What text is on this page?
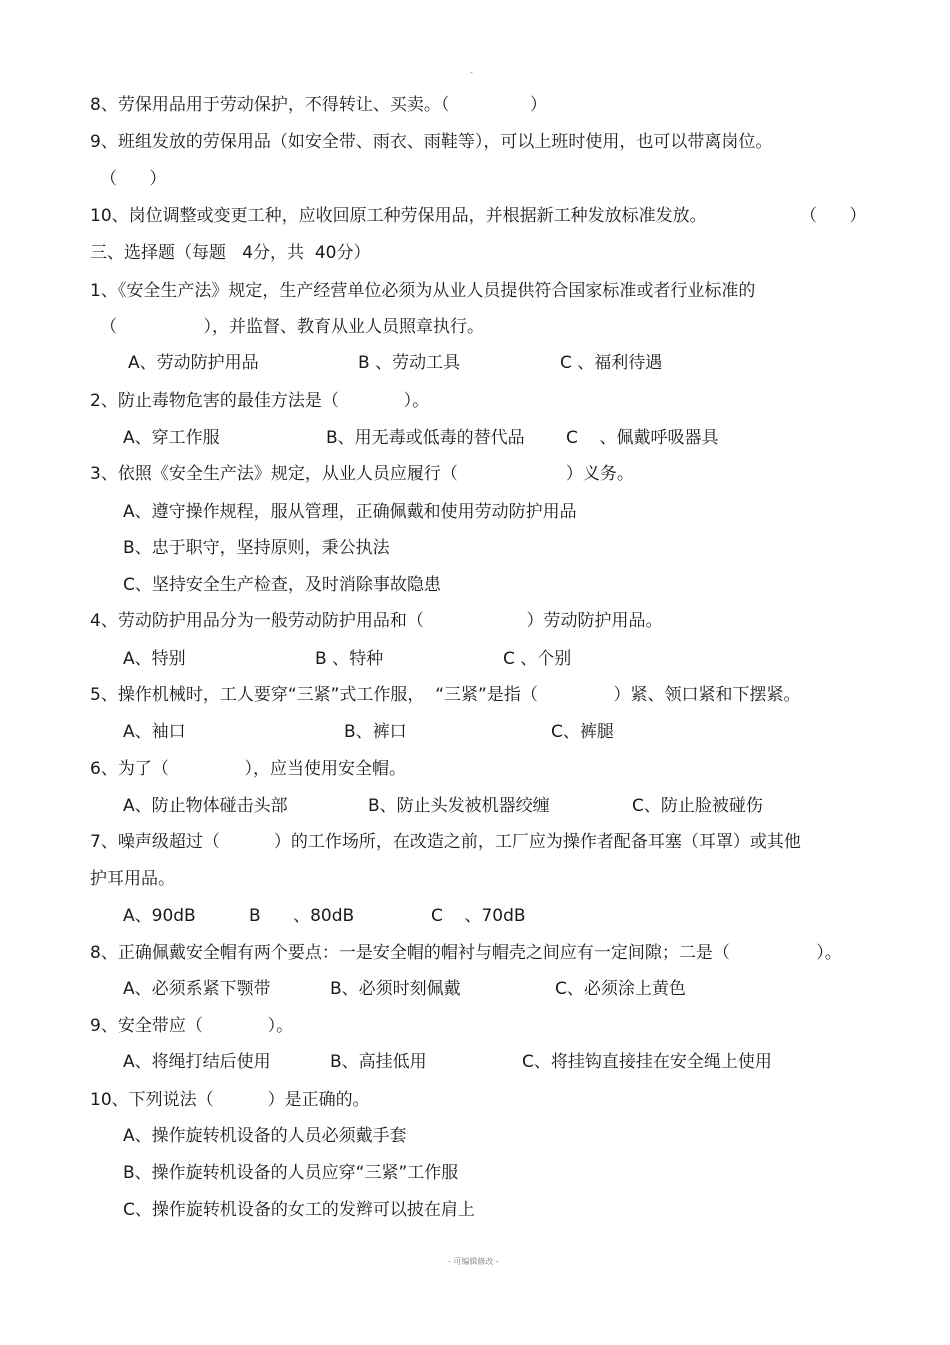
-

8、劳保用品用于劳动保护，不得转让、买卖。（

	）

9、班组发放的劳保用品（如安全带、雨衣、雨鞋等），可以上班时使用，也可以带离岗位。

（      ）

10、岗位调整或变更工种，应收回原工种劳保用品，并根据新工种发放标准发放。

	（      ）

三、选择题（每题   4分，共  40分）

1、《安全生产法》规定，生产经营单位必须为从业人员提供符合国家标准或者行业标准的

（                ），并监督、教育从业人员照章执行。

A、劳动防护用品

	B 、劳动工具

	C 、福利待遇

2、防止毒物危害的最佳方法是（            ）。

A、穿工作服

	B、用无毒或低毒的替代品

C    、佩戴呼吸器具

3、依照《安全生产法》规定，从业人员应履行（                    ）义务。

A、遵守操作规程，服从管理，正确佩戴和使用劳动防护用品

B、忠于职守，坚持原则，秉公执法

C、坚持安全生产检查，及时消除事故隐患

4、劳动防护用品分为一般劳动防护用品和（                   ）劳动防护用品。

A、特别

	B 、特种

	C 、个别

5、操作机械时，工人要穿“三紧”式工作服，  “三紧”是指（              ）紧、领口紧和下摆紧。

A、袖口

	B、裤口

	C、裤腿

6、为了（              ），应当使用安全帽。

A、防止物体碰击头部

	B、防止头发被机器绞缠

	C、防止脸被碰伤

7、噪声级超过（          ）的工作场所，在改造之前，工厂应为操作者配备耳塞（耳罩）或其他

护耳用品。

A、90dB

	B      、80dB

	C    、70dB

8、正确佩戴安全帽有两个要点：一是安全帽的帽衬与帽壳之间应有一定间隙；二是（                ）。

A、必须系紧下颚带

	B、必须时刻佩戴

	C、必须涂上黄色

9、安全带应（            ）。

A、将绳打结后使用

	B、高挂低用

	C、将挂钩直接挂在安全绳上使用

10、下列说法（          ）是正确的。

A、操作旋转机设备的人员必须戴手套

B、操作旋转机设备的人员应穿“三紧”工作服

C、操作旋转机设备的女工的发辫可以披在肩上

- 可编辑修改 -
